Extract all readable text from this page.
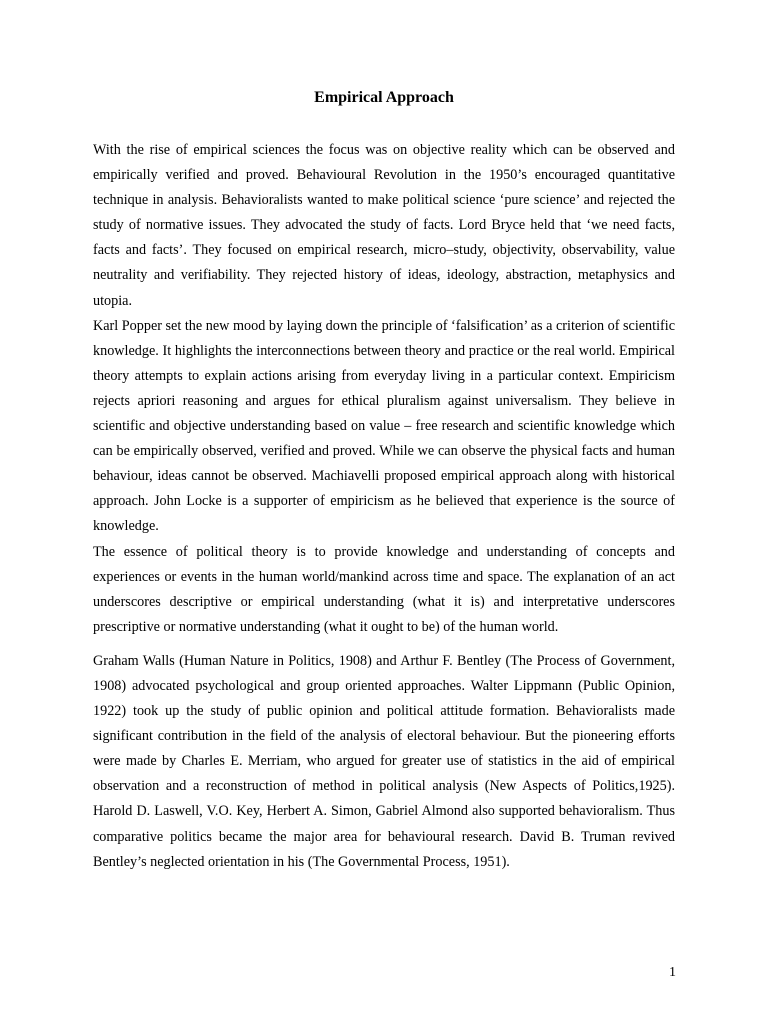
Empirical Approach

With the rise of empirical sciences the focus was on objective reality which can be observed and empirically verified and proved. Behavioural Revolution in the 1950’s encouraged quantitative technique in analysis. Behavioralists wanted to make political science ‘pure science’ and rejected the study of normative issues. They advocated the study of facts. Lord Bryce held that ‘we need facts, facts and facts’. They focused on empirical research, micro–study, objectivity, observability, value neutrality and verifiability. They rejected history of ideas, ideology, abstraction, metaphysics and utopia.

Karl Popper set the new mood by laying down the principle of ‘falsification’ as a criterion of scientific knowledge. It highlights the interconnections between theory and practice or the real world. Empirical theory attempts to explain actions arising from everyday living in a particular context. Empiricism rejects apriori reasoning and argues for ethical pluralism against universalism. They believe in scientific and objective understanding based on value – free research and scientific knowledge which can be empirically observed, verified and proved. While we can observe the physical facts and human behaviour, ideas cannot be observed. Machiavelli proposed empirical approach along with historical approach. John Locke is a supporter of empiricism as he believed that experience is the source of knowledge.

The essence of political theory is to provide knowledge and understanding of concepts and experiences or events in the human world/mankind across time and space. The explanation of an act underscores descriptive or empirical understanding (what it is) and interpretative underscores prescriptive or normative understanding (what it ought to be) of the human world.

Graham Walls (Human Nature in Politics, 1908) and Arthur F. Bentley (The Process of Government, 1908) advocated psychological and group oriented approaches. Walter Lippmann (Public Opinion, 1922) took up the study of public opinion and political attitude formation. Behavioralists made significant contribution in the field of the analysis of electoral behaviour. But the pioneering efforts were made by Charles E. Merriam, who argued for greater use of statistics in the aid of empirical observation and a reconstruction of method in political analysis (New Aspects of Politics,1925). Harold D. Laswell, V.O. Key, Herbert A. Simon, Gabriel Almond also supported behavioralism. Thus comparative politics became the major area for behavioural research. David B. Truman revived Bentley’s neglected orientation in his (The Governmental Process, 1951).

1
